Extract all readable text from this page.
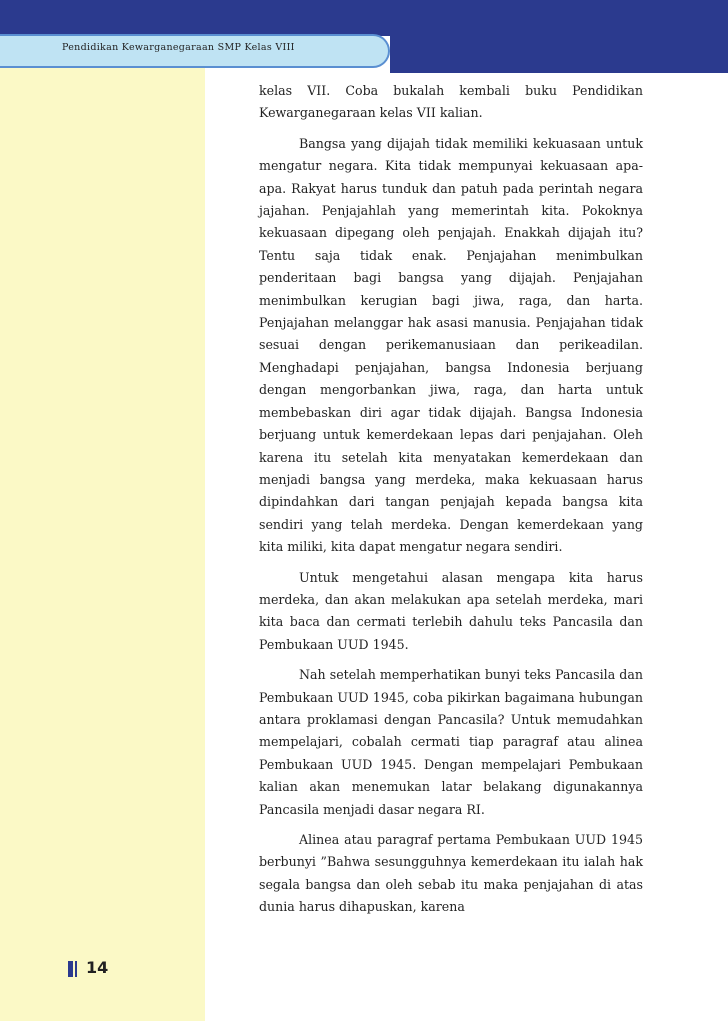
Pendidikan Kewarganegaraan SMP Kelas VIII

kelas VII. Coba bukalah kembali buku Pendidikan Kewarganegaraan kelas VII kalian.

Bangsa yang dijajah tidak memiliki kekuasaan untuk mengatur negara. Kita tidak mempunyai kekuasaan apa-apa. Rakyat harus tunduk dan patuh pada perintah negara jajahan. Penjajahlah yang memerintah kita. Pokoknya kekuasaan dipegang oleh penjajah. Enakkah dijajah itu? Tentu saja tidak enak. Penjajahan menimbulkan penderitaan bagi bangsa yang dijajah. Penjajahan menimbulkan kerugian bagi jiwa, raga, dan harta. Penjajahan melanggar hak asasi manusia. Penjajahan tidak sesuai dengan perikemanusiaan dan perikeadilan. Menghadapi penjajahan, bangsa Indonesia berjuang dengan mengorbankan jiwa, raga, dan harta untuk membebaskan diri agar tidak dijajah. Bangsa Indonesia berjuang untuk kemerdekaan lepas dari penjajahan. Oleh karena itu setelah kita menyatakan kemerdekaan dan menjadi bangsa yang merdeka, maka kekuasaan harus dipindahkan dari tangan penjajah kepada bangsa kita sendiri yang telah merdeka. Dengan kemerdekaan yang kita miliki, kita dapat mengatur negara sendiri.

Untuk mengetahui alasan mengapa kita harus merdeka, dan akan melakukan apa setelah merdeka, mari kita baca dan cermati terlebih dahulu teks Pancasila dan Pembukaan UUD 1945.

Nah setelah memperhatikan bunyi teks Pancasila dan Pembukaan UUD 1945, coba pikirkan bagaimana hubungan antara proklamasi dengan Pancasila? Untuk memudahkan mempelajari, cobalah cermati tiap paragraf atau alinea Pembukaan UUD 1945. Dengan mempelajari Pembukaan kalian akan menemukan latar belakang digunakannya Pancasila menjadi dasar negara RI.

Alinea atau paragraf pertama Pembukaan UUD 1945 berbunyi ”Bahwa sesungguhnya kemerdekaan itu ialah hak segala bangsa dan oleh sebab itu maka penjajahan di atas dunia harus dihapuskan, karena

14
